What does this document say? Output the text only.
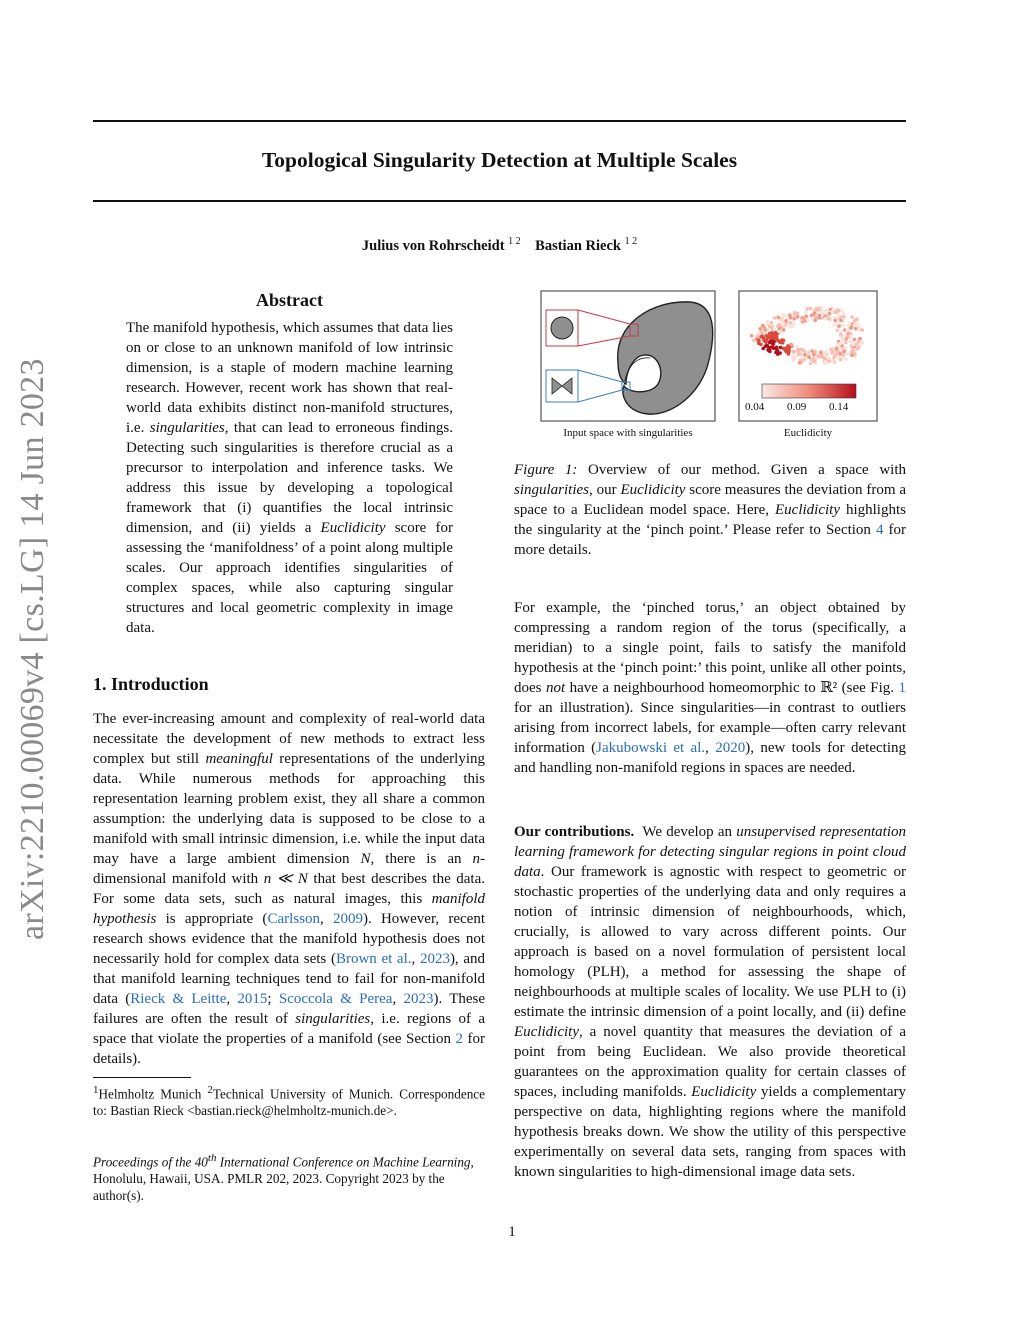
arXiv:2210.00069v4 [cs.LG] 14 Jun 2023
Topological Singularity Detection at Multiple Scales
Julius von Rohrscheidt $^{1 2}$ Bastian Rieck $^{1 2}$
Abstract
The manifold hypothesis, which assumes that data lies on or close to an unknown manifold of low intrinsic dimension, is a staple of modern machine learning research. However, recent work has shown that real-world data exhibits distinct non-manifold structures, i.e. singularities, that can lead to erroneous findings. Detecting such singularities is therefore crucial as a precursor to interpolation and inference tasks. We address this issue by developing a topological framework that (i) quantifies the local intrinsic dimension, and (ii) yields a Euclidicity score for assessing the ‘manifoldness’ of a point along multiple scales. Our approach identifies singularities of complex spaces, while also capturing singular structures and local geometric complexity in image data.
1. Introduction
The ever-increasing amount and complexity of real-world data necessitate the development of new methods to extract less complex but still meaningful representations of the underlying data. While numerous methods for approaching this representation learning problem exist, they all share a common assumption: the underlying data is supposed to be close to a manifold with small intrinsic dimension, i.e. while the input data may have a large ambient dimension N, there is an n-dimensional manifold with n ≪ N that best describes the data. For some data sets, such as natural images, this manifold hypothesis is appropriate (Carlsson, 2009). However, recent research shows evidence that the manifold hypothesis does not necessarily hold for complex data sets (Brown et al., 2023), and that manifold learning techniques tend to fail for non-manifold data (Rieck & Leitte, 2015; Scoccola & Perea, 2023). These failures are often the result of singularities, i.e. regions of a space that violate the properties of a manifold (see Section 2 for details).
$^1$Helmholtz Munich $^2$Technical University of Munich. Correspondence to: Bastian Rieck <bastian.rieck@helmholtz-munich.de>.
Proceedings of the 40th International Conference on Machine Learning, Honolulu, Hawaii, USA. PMLR 202, 2023. Copyright 2023 by the author(s).
0.04 0.09 0.14
Input space with singularities	Euclidicity
Figure 1: Overview of our method. Given a space with singularities, our Euclidicity score measures the deviation from a space to a Euclidean model space. Here, Euclidicity highlights the singularity at the ‘pinch point.’ Please refer to Section 4 for more details.
For example, the ‘pinched torus,’ an object obtained by compressing a random region of the torus (specifically, a meridian) to a single point, fails to satisfy the manifold hypothesis at the ‘pinch point:’ this point, unlike all other points, does not have a neighbourhood homeomorphic to ℝ² (see Fig. 1 for an illustration). Since singularities—in contrast to outliers arising from incorrect labels, for example—often carry relevant information (Jakubowski et al., 2020), new tools for detecting and handling non-manifold regions in spaces are needed.
Our contributions.  We develop an unsupervised representation learning framework for detecting singular regions in point cloud data. Our framework is agnostic with respect to geometric or stochastic properties of the underlying data and only requires a notion of intrinsic dimension of neighbourhoods, which, crucially, is allowed to vary across different points. Our approach is based on a novel formulation of persistent local homology (PLH), a method for assessing the shape of neighbourhoods at multiple scales of locality. We use PLH to (i) estimate the intrinsic dimension of a point locally, and (ii) define Euclidicity, a novel quantity that measures the deviation of a point from being Euclidean. We also provide theoretical guarantees on the approximation quality for certain classes of spaces, including manifolds. Euclidicity yields a complementary perspective on data, highlighting regions where the manifold hypothesis breaks down. We show the utility of this perspective experimentally on several data sets, ranging from spaces with known singularities to high-dimensional image data sets.
1
